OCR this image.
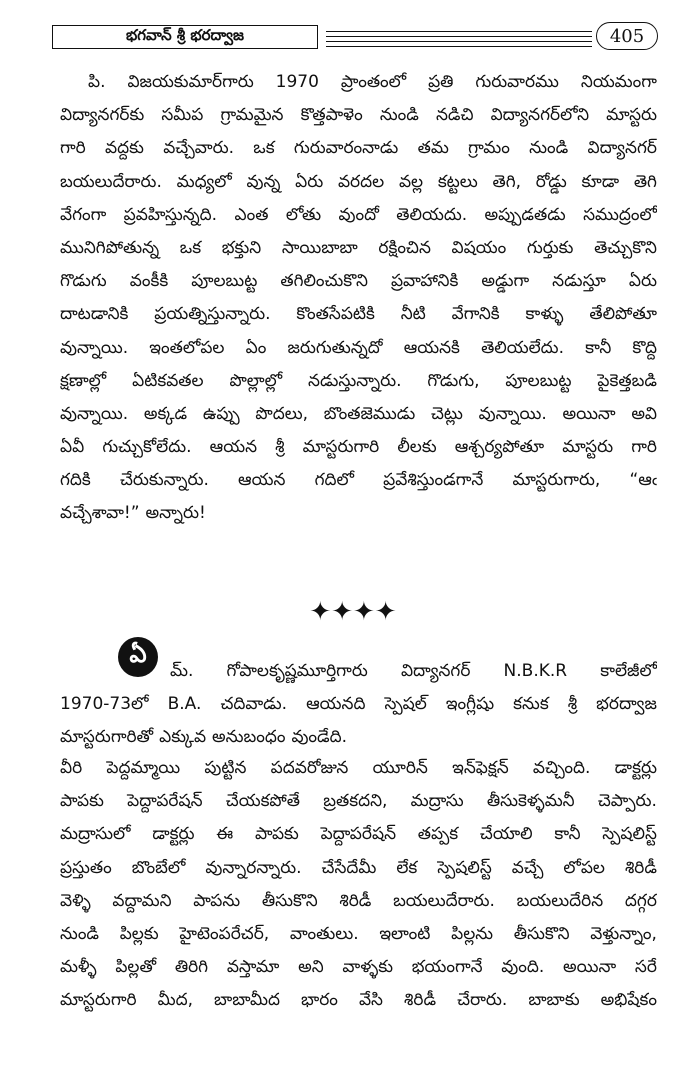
భగవాన్ శ్రీ భరద్వాజ	405
పి. విజయకుమార్‌గారు 1970 ప్రాంతంలో ప్రతి గురువారము నియమంగా
విద్యానగర్‌కు సమీప గ్రామమైన కొత్తపాళెం నుండి నడిచి విద్యానగర్‌లోని మాస్టరు
గారి వద్దకు వచ్చేవారు. ఒక గురువారంనాడు తమ గ్రామం నుండి విద్యానగర్
బయలుదేరారు. మధ్యలో వున్న ఏరు వరదల వల్ల కట్టలు తెగి, రోడ్డు కూడా తెగి
వేగంగా ప్రవహిస్తున్నది. ఎంత లోతు వుందో తెలియదు. అప్పుడతడు సముద్రంలో
మునిగిపోతున్న ఒక భక్తుని సాయిబాబా రక్షించిన విషయం గుర్తుకు తెచ్చుకొని
గొడుగు వంకీకి పూలబుట్ట తగిలించుకొని ప్రవాహానికి అడ్డుగా నడుస్తూ ఏరు
దాటడానికి ప్రయత్నిస్తున్నారు. కొంతసేపటికి నీటి వేగానికి కాళ్ళు తేలిపోతూ
వున్నాయి. ఇంతలోపల ఏం జరుగుతున్నదో ఆయనకి తెలియలేదు. కానీ కొద్ది
క్షణాల్లో ఏటికవతల పొల్లాల్లో నడుస్తున్నారు. గొడుగు, పూలబుట్ట పైకెత్తబడి
వున్నాయి. అక్కడ ఉప్పు పొదలు, బొంతజెముడు చెట్లు వున్నాయి. అయినా అవి
ఏవీ గుచ్చుకోలేదు. ఆయన శ్రీ మాస్టరుగారి లీలకు ఆశ్చర్యపోతూ మాస్టరు గారి
గదికి చేరుకున్నారు. ఆయన గదిలో ప్రవేశిస్తుండగానే మాస్టరుగారు, “ఆఁ
వచ్చేశావా!” అన్నారు!
✦✦✦✦
ఏ
మ్. గోపాలకృష్ణమూర్తిగారు విద్యానగర్ N.B.K.R కాలేజీలో
1970-73లో B.A. చదివాడు. ఆయనది స్పెషల్ ఇంగ్లీషు కనుక శ్రీ భరద్వాజ
మాస్టరుగారితో ఎక్కువ అనుబంధం వుండేది.
వీరి పెద్దమ్మాయి పుట్టిన పదవరోజున యూరిన్ ఇన్‌ఫెక్షన్ వచ్చింది. డాక్టర్లు
పాపకు పెద్దాపరేషన్ చేయకపోతే బ్రతకదని, మద్రాసు తీసుకెళ్ళమనీ చెప్పారు.
మద్రాసులో డాక్టర్లు ఈ పాపకు పెద్దాపరేషన్ తప్పక చేయాలి కానీ స్పెషలిస్ట్
ప్రస్తుతం బొంబేలో వున్నారన్నారు. చేసేదేమీ లేక స్పెషలిస్ట్ వచ్చే లోపల శిరిడీ
వెళ్ళి వద్దామని పాపను తీసుకొని శిరిడీ బయలుదేరారు. బయలుదేరిన దగ్గర
నుండి పిల్లకు హైటెంపరేచర్, వాంతులు. ఇలాంటి పిల్లను తీసుకొని వెళ్తున్నాం,
మళ్ళీ పిల్లతో తిరిగి వస్తామా అని వాళ్ళకు భయంగానే వుంది. అయినా సరే
మాస్టరుగారి మీద, బాబామీద భారం వేసి శిరిడీ చేరారు. బాబాకు అభిషేకం
